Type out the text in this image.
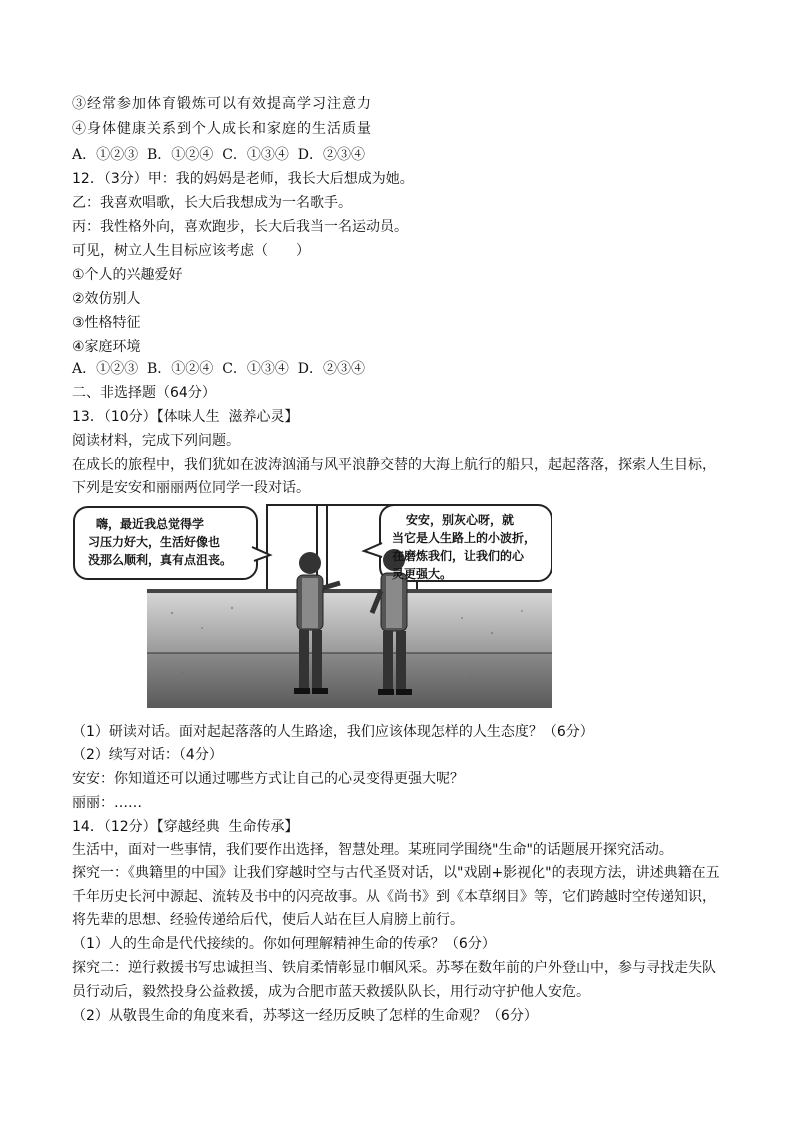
③经常参加体育锻炼可以有效提高学习注意力
④身体健康关系到个人成长和家庭的生活质量
A．①②③  B．①②④  C．①③④  D．②③④
12．（3分）甲：我的妈妈是老师，我长大后想成为她。
乙：我喜欢唱歌，长大后我想成为一名歌手。
丙：我性格外向，喜欢跑步，长大后我当一名运动员。
可见，树立人生目标应该考虑（　　）
①个人的兴趣爱好
②效仿别人
③性格特征
④家庭环境
A．①②③  B．①②④  C．①③④  D．②③④
二、非选择题（64分）
13．（10分）【体味人生  滋养心灵】
阅读材料，完成下列问题。
在成长的旅程中，我们犹如在波涛汹涌与风平浪静交替的大海上航行的船只，起起落落，探索人生目标，
下列是安安和丽丽两位同学一段对话。
嗨，最近我总觉得学
习压力好大，生活好像也
没那么顺利，真有点沮丧。
安安，别灰心呀，就
当它是人生路上的小波折，
在磨炼我们，让我们的心
灵更强大。
（1）研读对话。面对起起落落的人生路途，我们应该体现怎样的人生态度？（6分）
（2）续写对话：（4分）
安安：你知道还可以通过哪些方式让自己的心灵变得更强大呢？
丽丽：……
14．（12分）【穿越经典  生命传承】
生活中，面对一些事情，我们要作出选择，智慧处理。某班同学围绕"生命"的话题展开探究活动。
探究一：《典籍里的中国》让我们穿越时空与古代圣贤对话，以"戏剧+影视化"的表现方法，讲述典籍在五
千年历史长河中源起、流转及书中的闪亮故事。从《尚书》到《本草纲目》等，它们跨越时空传递知识，
将先辈的思想、经验传递给后代，使后人站在巨人肩膀上前行。
（1）人的生命是代代接续的。你如何理解精神生命的传承？（6分）
探究二：逆行救援书写忠诚担当、铁肩柔情彰显巾帼风采。苏琴在数年前的户外登山中，参与寻找走失队
员行动后，毅然投身公益救援，成为合肥市蓝天救援队队长，用行动守护他人安危。
（2）从敬畏生命的角度来看，苏琴这一经历反映了怎样的生命观？（6分）
